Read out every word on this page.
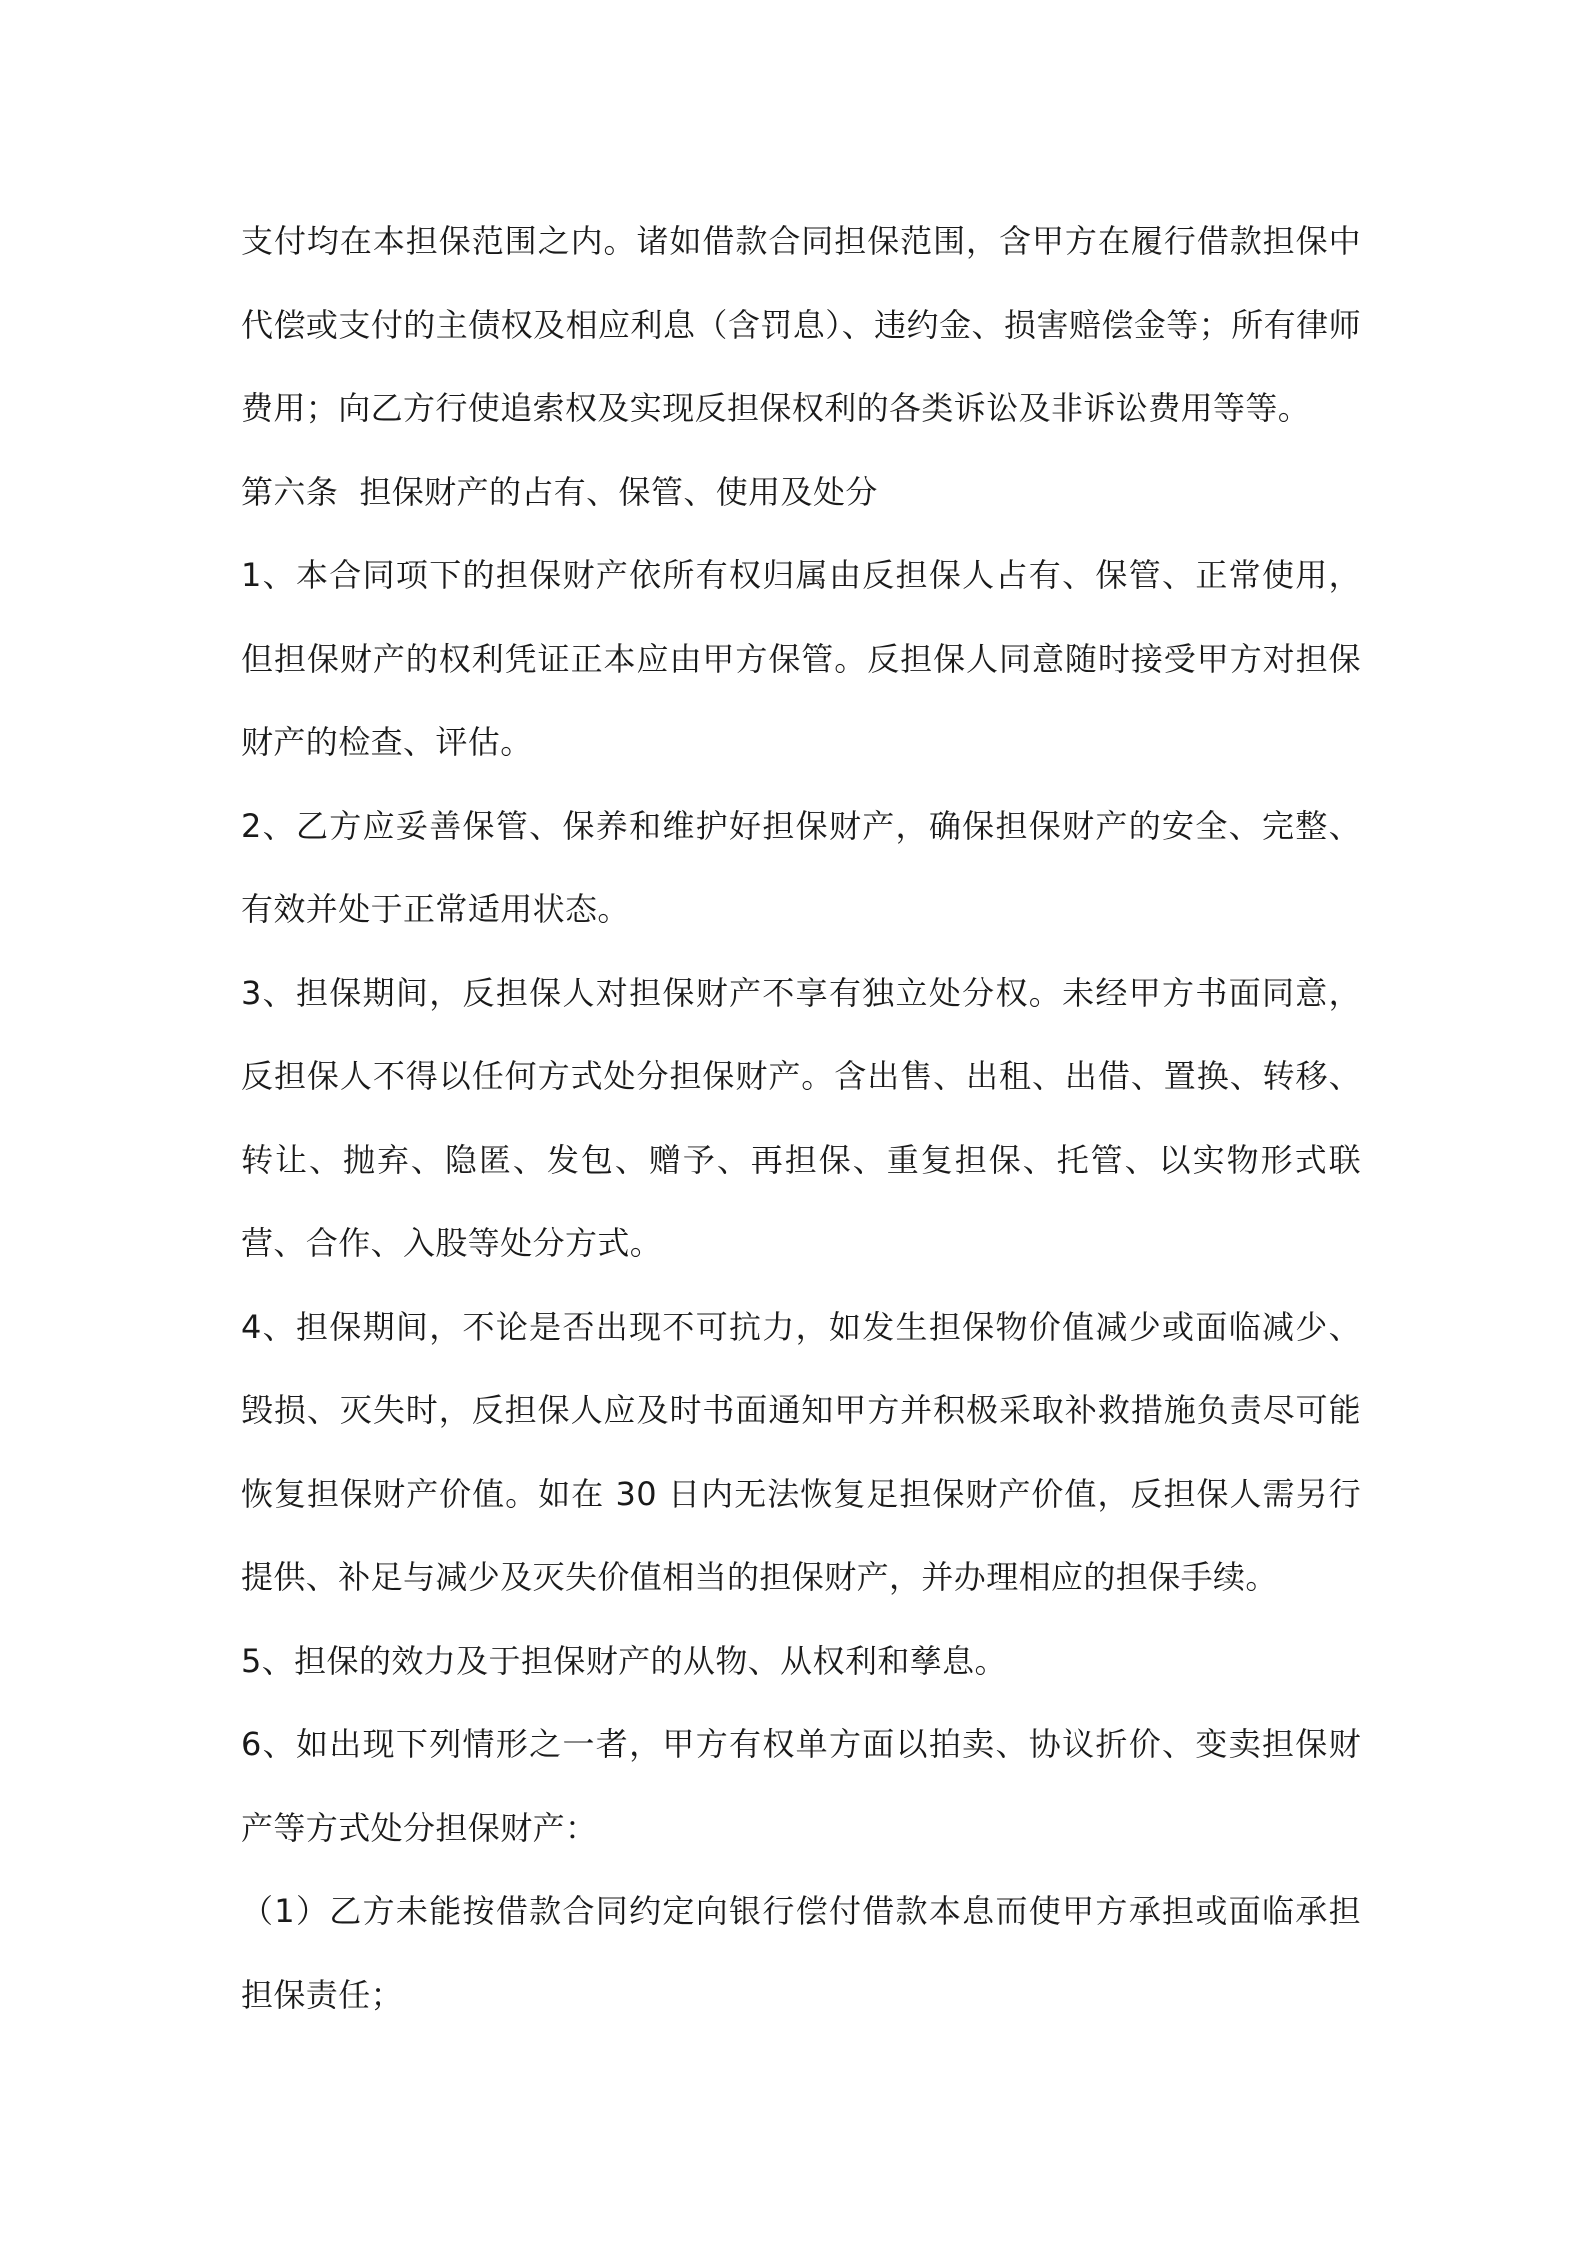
支付均在本担保范围之内。诸如借款合同担保范围，含甲方在履行借款担保中代偿或支付的主债权及相应利息（含罚息）、违约金、损害赔偿金等；所有律师费用；向乙方行使追索权及实现反担保权利的各类诉讼及非诉讼费用等等。

第六条  担保财产的占有、保管、使用及处分

1、本合同项下的担保财产依所有权归属由反担保人占有、保管、正常使用，但担保财产的权利凭证正本应由甲方保管。反担保人同意随时接受甲方对担保财产的检查、评估。

2、乙方应妥善保管、保养和维护好担保财产，确保担保财产的安全、完整、有效并处于正常适用状态。

3、担保期间，反担保人对担保财产不享有独立处分权。未经甲方书面同意，反担保人不得以任何方式处分担保财产。含出售、出租、出借、置换、转移、转让、抛弃、隐匿、发包、赠予、再担保、重复担保、托管、以实物形式联营、合作、入股等处分方式。

4、担保期间，不论是否出现不可抗力，如发生担保物价值减少或面临减少、毁损、灭失时，反担保人应及时书面通知甲方并积极采取补救措施负责尽可能恢复担保财产价值。如在 30 日内无法恢复足担保财产价值，反担保人需另行提供、补足与减少及灭失价值相当的担保财产，并办理相应的担保手续。

5、担保的效力及于担保财产的从物、从权利和孳息。

6、如出现下列情形之一者，甲方有权单方面以拍卖、协议折价、变卖担保财产等方式处分担保财产：

（1）乙方未能按借款合同约定向银行偿付借款本息而使甲方承担或面临承担担保责任；
